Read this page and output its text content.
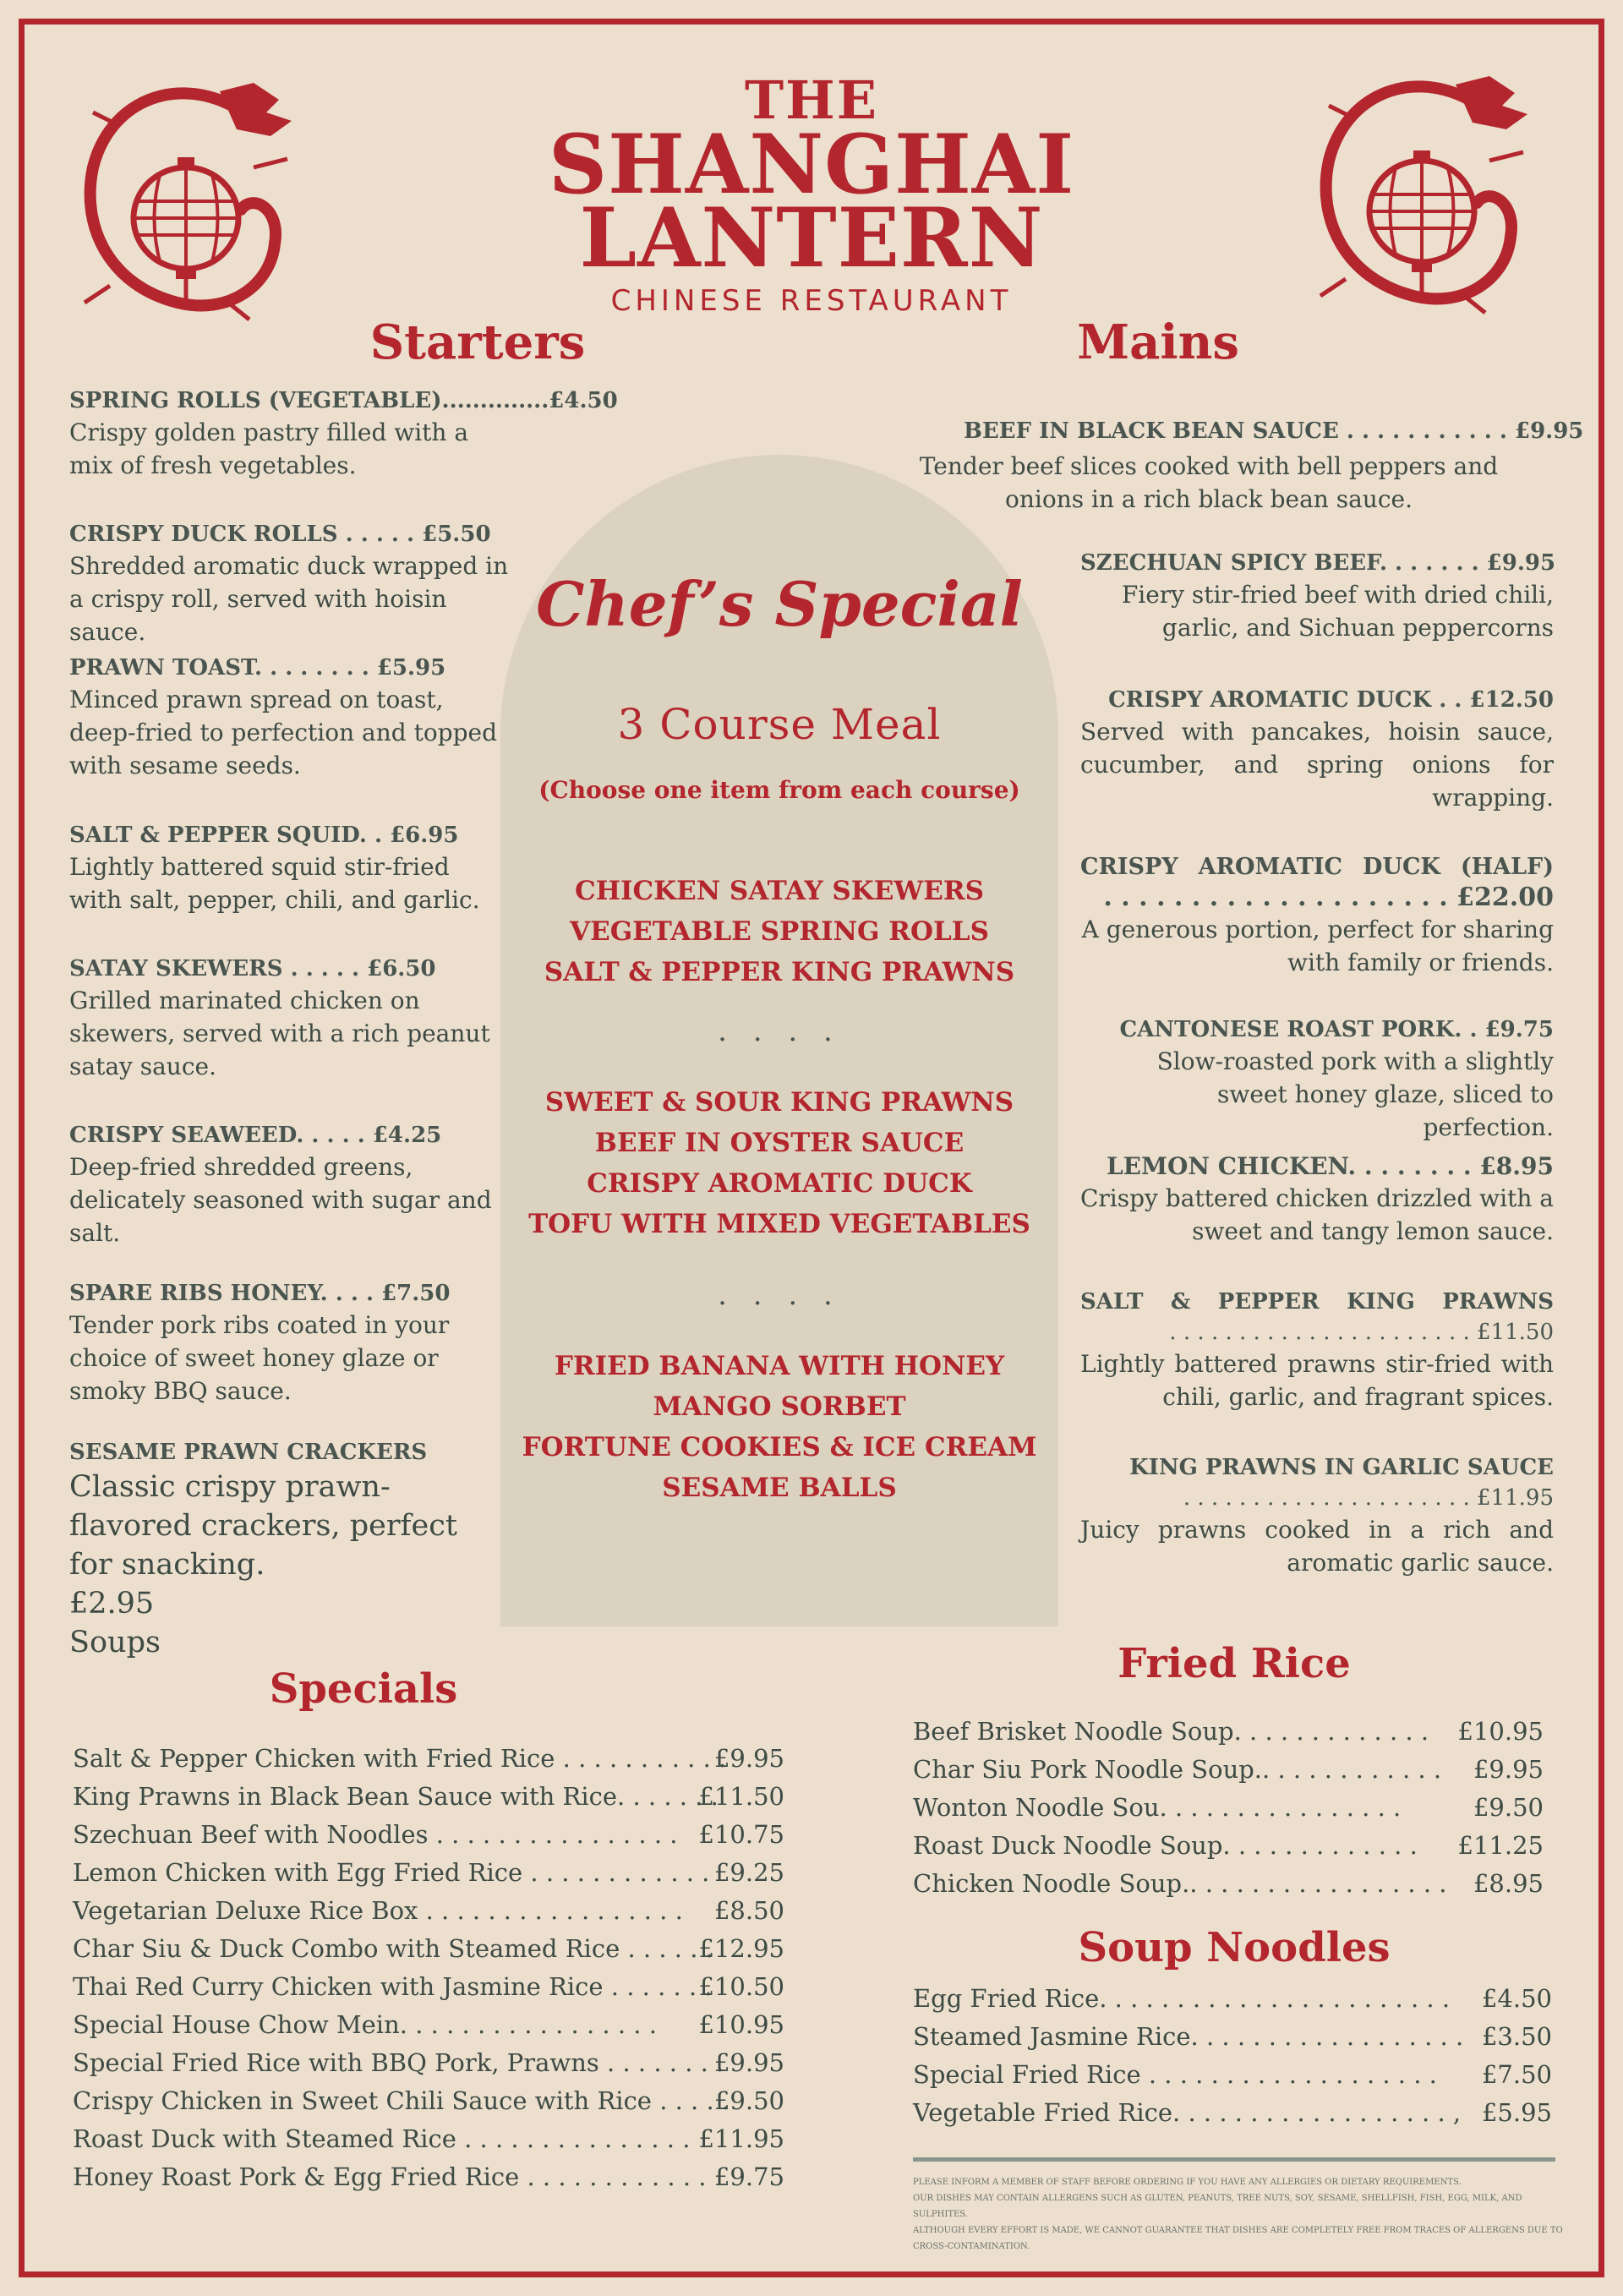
THE
SHANGHAI
LANTERN
CHINESE RESTAURANT
Starters	Mains
SPRING ROLLS (VEGETABLE)..............£4.50
Crispy golden pastry filled with a mix of fresh vegetables.
CRISPY DUCK ROLLS . . . . . £5.50
Shredded aromatic duck wrapped in a crispy roll, served with hoisin sauce.
PRAWN TOAST. . . . . . . . £5.95
Minced prawn spread on toast, deep-fried to perfection and topped with sesame seeds.
SALT & PEPPER SQUID. . £6.95
Lightly battered squid stir-fried with salt, pepper, chili, and garlic.
SATAY SKEWERS . . . . . £6.50
Grilled marinated chicken on skewers, served with a rich peanut satay sauce.
CRISPY SEAWEED. . . . . £4.25
Deep-fried shredded greens, delicately seasoned with sugar and salt.
SPARE RIBS HONEY. . . . £7.50
Tender pork ribs coated in your choice of sweet honey glaze or smoky BBQ sauce.
SESAME PRAWN CRACKERS
Classic crispy prawn-flavored crackers, perfect for snacking.
£2.95
Soups
Chef’s Special
3 Course Meal
(Choose one item from each course)
CHICKEN SATAY SKEWERS
VEGETABLE SPRING ROLLS
SALT & PEPPER KING PRAWNS
. . . .
SWEET & SOUR KING PRAWNS
BEEF IN OYSTER SAUCE
CRISPY AROMATIC DUCK
TOFU WITH MIXED VEGETABLES
. . . .
FRIED BANANA WITH HONEY
MANGO SORBET
FORTUNE COOKIES & ICE CREAM
SESAME BALLS
BEEF IN BLACK BEAN SAUCE . . . . . . . . . . . £9.95
Tender beef slices cooked with bell peppers and onions in a rich black bean sauce.
SZECHUAN SPICY BEEF. . . . . . . £9.95
Fiery stir-fried beef with dried chili, garlic, and Sichuan peppercorns
CRISPY AROMATIC DUCK . . £12.50
Served with pancakes, hoisin sauce, cucumber, and spring onions for wrapping.
CRISPY AROMATIC DUCK (HALF)
. . . . . . . . . . . . . . . . . . . . £22.00
A generous portion, perfect for sharing with family or friends.
CANTONESE ROAST PORK. . £9.75
Slow-roasted pork with a slightly sweet honey glaze, sliced to perfection.
LEMON CHICKEN. . . . . . . . £8.95
Crispy battered chicken drizzled with a sweet and tangy lemon sauce.
SALT & PEPPER KING PRAWNS
. . . . . . . . . . . . . . . . . . . . . . £11.50
Lightly battered prawns stir-fried with chili, garlic, and fragrant spices.
KING PRAWNS IN GARLIC SAUCE
. . . . . . . . . . . . . . . . . . . . . £11.95
Juicy prawns cooked in a rich and aromatic garlic sauce.
Specials
Salt & Pepper Chicken with Fried Rice . . . . . . . . . . .
£9.95
King Prawns in Black Bean Sauce with Rice. . . . . . .
£11.50
Szechuan Beef with Noodles . . . . . . . . . . . . . . . . £10.75
Lemon Chicken with Egg Fried Rice . . . . . . . . . . . . £9.25
Vegetarian Deluxe Rice Box . . . . . . . . . . . . . . . . . £8.50
Char Siu & Duck Combo with Steamed Rice . . . . . .
£12.95
Thai Red Curry Chicken with Jasmine Rice . . . . . . .
£10.50
Special House Chow Mein. . . . . . . . . . . . . . . . . £10.95
Special Fried Rice with BBQ Pork, Prawns . . . . . . . .
£9.95
Crispy Chicken in Sweet Chili Sauce with Rice . . . . .
£9.50
Roast Duck with Steamed Rice . . . . . . . . . . . . . . . £11.95
Honey Roast Pork & Egg Fried Rice . . . . . . . . . . . . £9.75
Fried Rice
Beef Brisket Noodle Soup. . . . . . . . . . . . . £10.95
Char Siu Pork Noodle Soup.. . . . . . . . . . . . £9.95
Wonton Noodle Sou. . . . . . . . . . . . . . . .	£9.50
Roast Duck Noodle Soup. . . . . . . . . . . . . £11.25
Chicken Noodle Soup.. . . . . . . . . . . . . . . . . £8.95
Soup Noodles
Egg Fried Rice. . . . . . . . . . . . . . . . . . . . . . . £4.50
Steamed Jasmine Rice. . . . . . . . . . . . . . . . . . £3.50
Special Fried Rice . . . . . . . . . . . . . . . . . . . £7.50
Vegetable Fried Rice. . . . . . . . . . . . . . . . . . , £5.95
PLEASE INFORM A MEMBER OF STAFF BEFORE ORDERING IF YOU HAVE ANY ALLERGIES OR DIETARY REQUIREMENTS.
OUR DISHES MAY CONTAIN ALLERGENS SUCH AS GLUTEN, PEANUTS, TREE NUTS, SOY, SESAME, SHELLFISH, FISH, EGG, MILK, AND SULPHITES.
ALTHOUGH EVERY EFFORT IS MADE, WE CANNOT GUARANTEE THAT DISHES ARE COMPLETELY FREE FROM TRACES OF ALLERGENS DUE TO
CROSS-CONTAMINATION.
